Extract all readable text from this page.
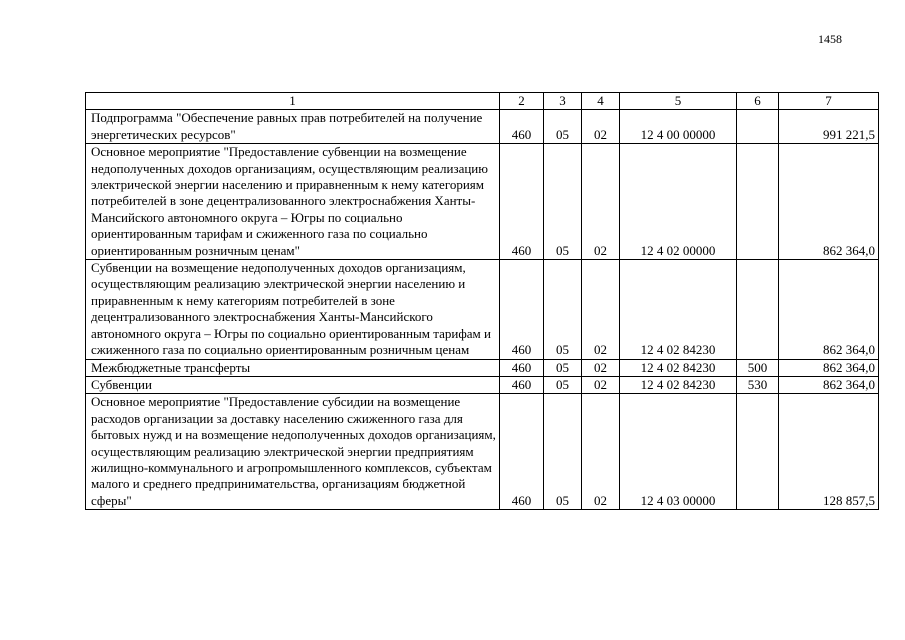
1458
1	2	3	4	5	6	7
Подпрограмма "Обеспечение равных прав потребителей на получение энергетических ресурсов"	460	05	02	12 4 00 00000		991 221,5
Основное мероприятие "Предоставление субвенции на возмещение недополученных доходов организациям, осуществляющим реализацию электрической энергии населению и приравненным к нему категориям потребителей в зоне децентрализованного электроснабжения Ханты-Мансийского автономного округа – Югры по социально ориентированным тарифам и сжиженного газа по социально ориентированным розничным ценам"	460	05	02	12 4 02 00000		862 364,0
Субвенции на возмещение недополученных доходов организациям, осуществляющим реализацию электрической энергии населению и приравненным к нему категориям потребителей в зоне децентрализованного электроснабжения Ханты-Мансийского автономного округа – Югры по социально ориентированным тарифам и сжиженного газа по социально ориентированным розничным ценам	460	05	02	12 4 02 84230		862 364,0
Межбюджетные трансферты	460	05	02	12 4 02 84230	500	862 364,0
Субвенции	460	05	02	12 4 02 84230	530	862 364,0
Основное мероприятие "Предоставление субсидии на возмещение расходов организации за доставку населению сжиженного газа для бытовых нужд и на возмещение недополученных доходов организациям, осуществляющим реализацию электрической энергии предприятиям жилищно-коммунального и агропромышленного комплексов, субъектам малого и среднего предпринимательства, организациям бюджетной сферы"	460	05	02	12 4 03 00000		128 857,5
